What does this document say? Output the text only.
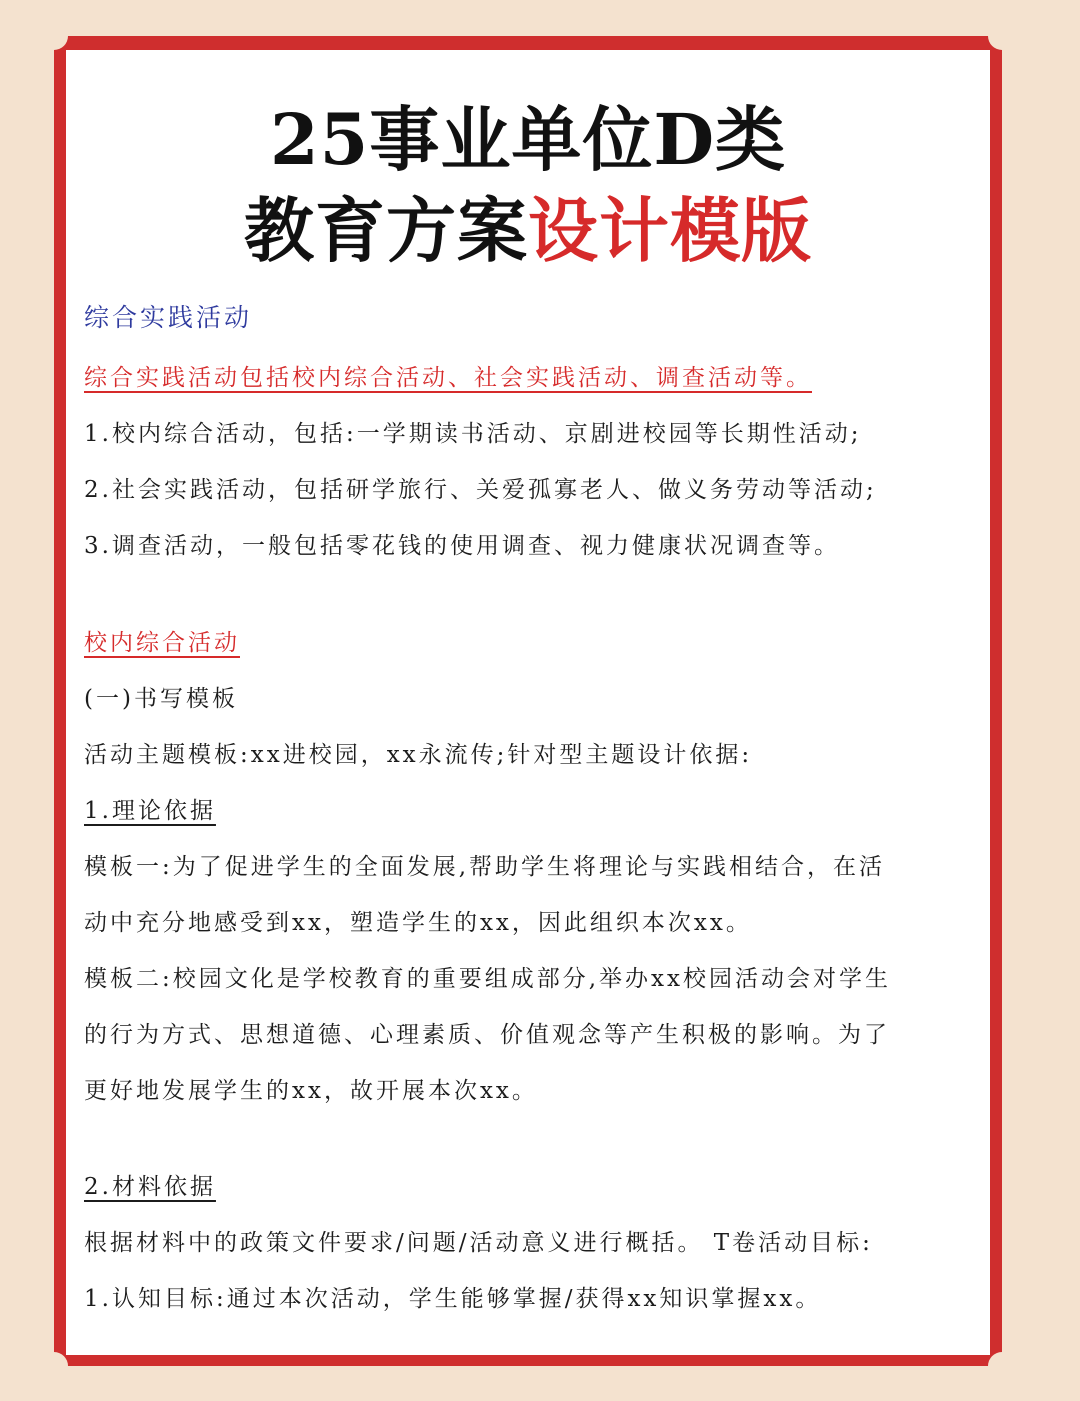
25事业单位D类
教育方案设计模版
综合实践活动
综合实践活动包括校内综合活动、社会实践活动、调查活动等。
1.校内综合活动，包括:一学期读书活动、京剧进校园等长期性活动;
2.社会实践活动，包括研学旅行、关爱孤寡老人、做义务劳动等活动;
3.调查活动，一般包括零花钱的使用调查、视力健康状况调查等。
校内综合活动
(一)书写模板
活动主题模板:xx进校园，xx永流传;针对型主题设计依据:
1.理论依据
模板一:为了促进学生的全面发展,帮助学生将理论与实践相结合，在活
动中充分地感受到xx，塑造学生的xx，因此组织本次xx。
模板二:校园文化是学校教育的重要组成部分,举办xx校园活动会对学生
的行为方式、思想道德、心理素质、价值观念等产生积极的影响。为了
更好地发展学生的xx，故开展本次xx。
2.材料依据
根据材料中的政策文件要求/问题/活动意义进行概括。 T卷活动目标:
1.认知目标:通过本次活动，学生能够掌握/获得xx知识掌握xx。
